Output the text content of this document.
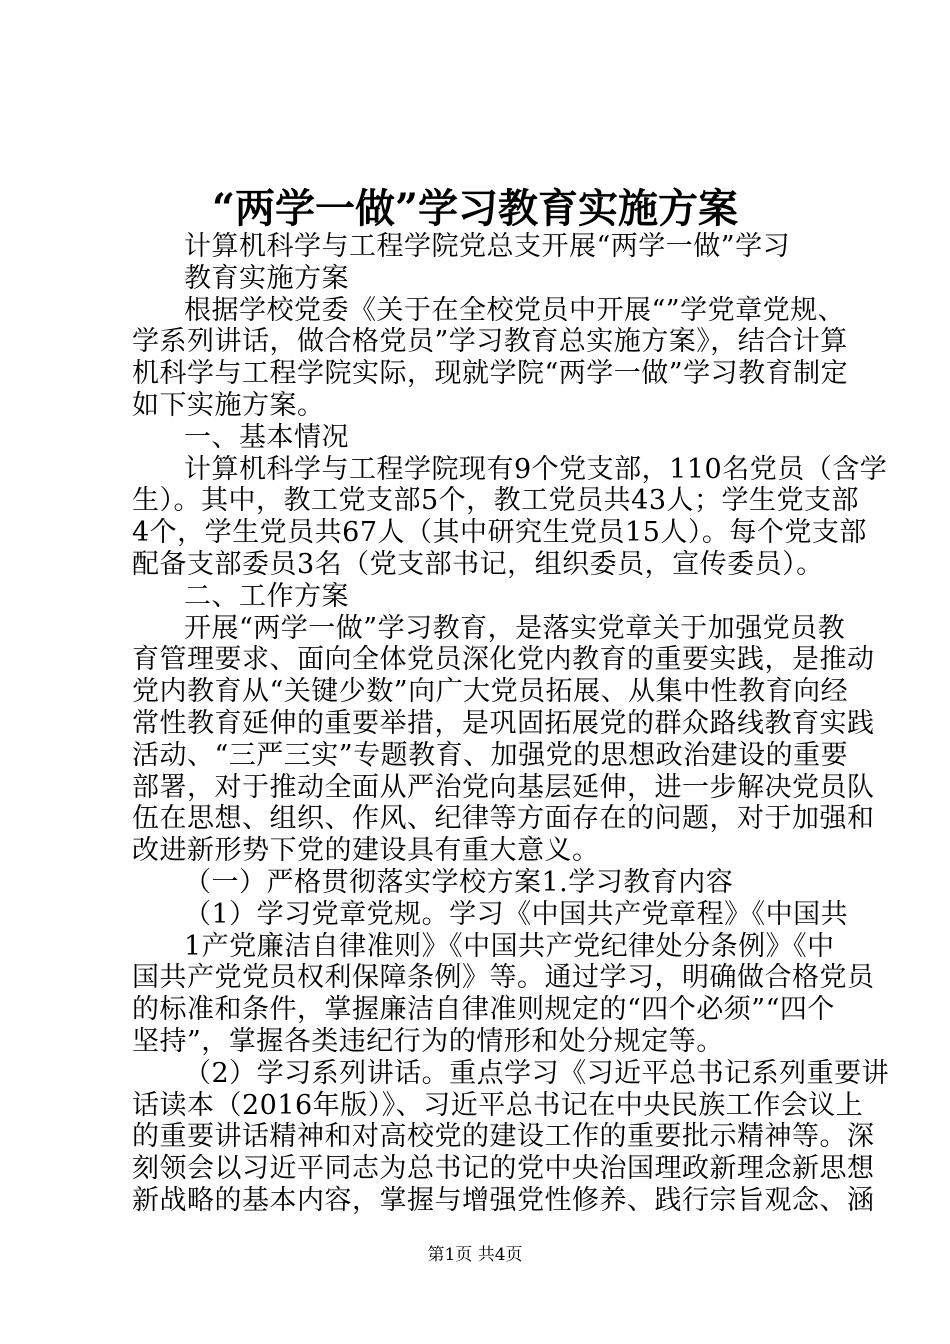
“两学一做”学习教育实施方案
计算机科学与工程学院党总支开展“两学一做”学习
教育实施方案
根据学校党委《关于在全校党员中开展“”学党章党规、
学系列讲话，做合格党员”学习教育总实施方案》，结合计算
机科学与工程学院实际，现就学院“两学一做”学习教育制定
如下实施方案。
一、基本情况
计算机科学与工程学院现有9个党支部，110名党员（含学
生）。其中，教工党支部5个，教工党员共43人；学生党支部
4个，学生党员共67人（其中研究生党员15人）。每个党支部
配备支部委员3名（党支部书记，组织委员，宣传委员）。
二、工作方案
开展“两学一做”学习教育，是落实党章关于加强党员教
育管理要求、面向全体党员深化党内教育的重要实践，是推动
党内教育从“关键少数”向广大党员拓展、从集中性教育向经
常性教育延伸的重要举措，是巩固拓展党的群众路线教育实践
活动、“三严三实”专题教育、加强党的思想政治建设的重要
部署，对于推动全面从严治党向基层延伸，进一步解决党员队
伍在思想、组织、作风、纪律等方面存在的问题，对于加强和
改进新形势下党的建设具有重大意义。
（一）严格贯彻落实学校方案1.学习教育内容
（1）学习党章党规。学习《中国共产党章程》《中国共
1产党廉洁自律准则》《中国共产党纪律处分条例》《中
国共产党党员权利保障条例》等。通过学习，明确做合格党员
的标准和条件，掌握廉洁自律准则规定的“四个必须”“四个
坚持”，掌握各类违纪行为的情形和处分规定等。
（2）学习系列讲话。重点学习《习近平总书记系列重要讲
话读本（2016年版）》、习近平总书记在中央民族工作会议上
的重要讲话精神和对高校党的建设工作的重要批示精神等。深
刻领会以习近平同志为总书记的党中央治国理政新理念新思想
新战略的基本内容，掌握与增强党性修养、践行宗旨观念、涵
第1页 共4页
